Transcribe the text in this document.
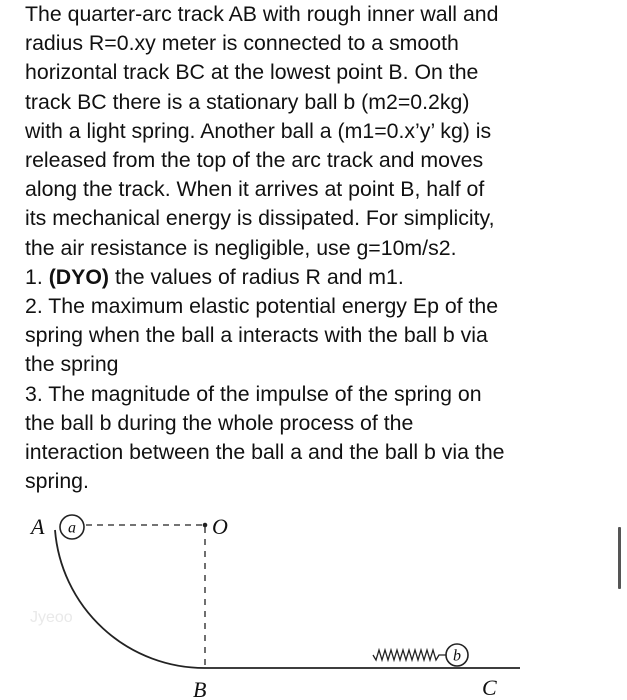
The quarter-arc track AB with rough inner wall and
radius R=0.xy meter is connected to a smooth
horizontal track BC at the lowest point B. On the
track BC there is a stationary ball b (m2=0.2kg)
with a light spring. Another ball a (m1=0.x’y’ kg) is
released from the top of the arc track and moves
along the track. When it arrives at point B, half of
its mechanical energy is dissipated. For simplicity,
the air resistance is negligible, use g=10m/s2.
1. (DYO) the values of radius R and m1.
2. The maximum elastic potential energy Ep of the
spring when the ball a interacts with the ball b via
the spring
3. The magnitude of the impulse of the spring on
the ball b during the whole process of the
interaction between the ball a and the ball b via the
spring.
Jyeoo
a
b
A	O
B	C
